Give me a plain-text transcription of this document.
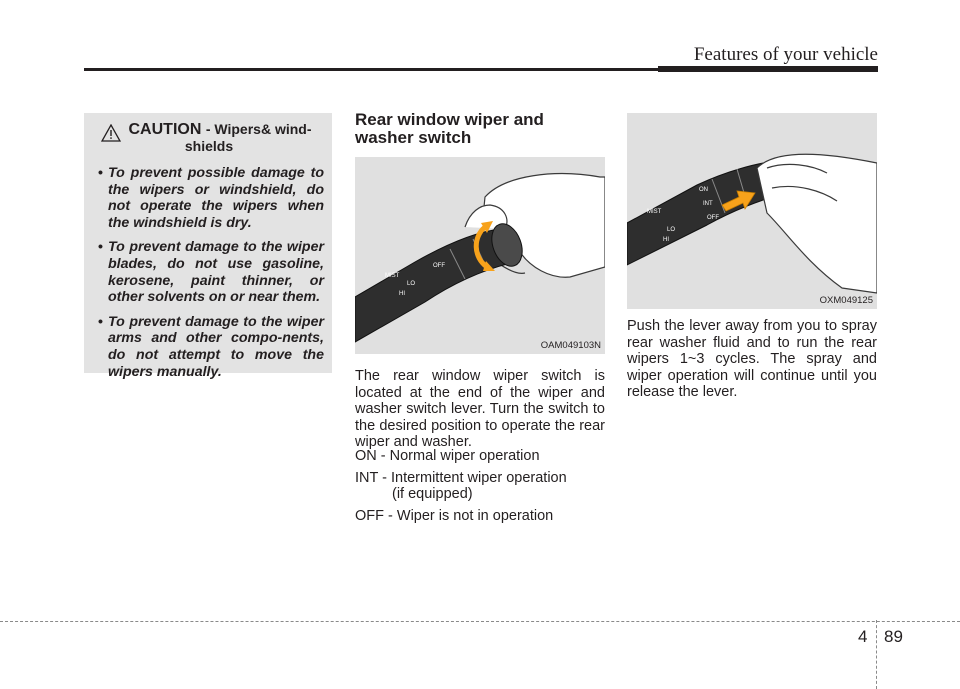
Features of your vehicle
CAUTION - Wipers& wind-
shields
• To prevent possible damage to the wipers or windshield, do not operate the wipers when the windshield is dry.
• To prevent damage to the wiper blades, do not use gasoline, kerosene, paint thinner, or other solvents on or near them.
• To prevent damage to the wiper arms and other compo-nents, do not attempt to move the wipers manually.
Rear window wiper and washer switch
MIST
OFF
LO
HI
OAM049103N
The rear window wiper switch is located at the end of the wiper and washer switch lever. Turn the switch to the desired position to operate the rear wiper and washer.
ON - Normal wiper operation
INT - Intermittent wiper operation
(if equipped)
OFF - Wiper is not in operation
MIST
ON
INT
OFF
LO
HI
OXM049125
Push the lever away from you to spray rear washer fluid and to run the rear wipers 1~3 cycles. The spray and wiper operation will continue until you release the lever.
4 89
